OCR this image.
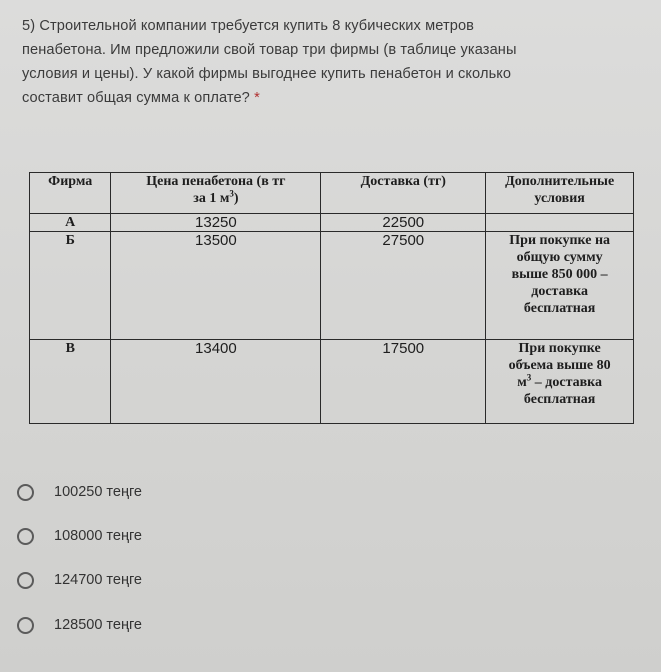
5) Строительной компании требуется купить 8 кубических метров
пенабетона. Им предложили свой товар три фирмы (в таблице указаны
условия и цены). У какой фирмы выгоднее купить пенабетон и сколько
составит общая сумма к оплате? *
Фирма	Цена пенабетона (в тг
за 1 $м^3$)	Доставка (тг)	Дополнительные
условия
А	13250	22500	
Б	13500	27500	При покупке на
общую сумму
выше 850 000 –
доставка
бесплатная
В	13400	17500	При покупке
объема выше 80
$м^3$ – доставка
бесплатная
100250 теңге
108000 теңге
124700 теңге
128500 теңге
